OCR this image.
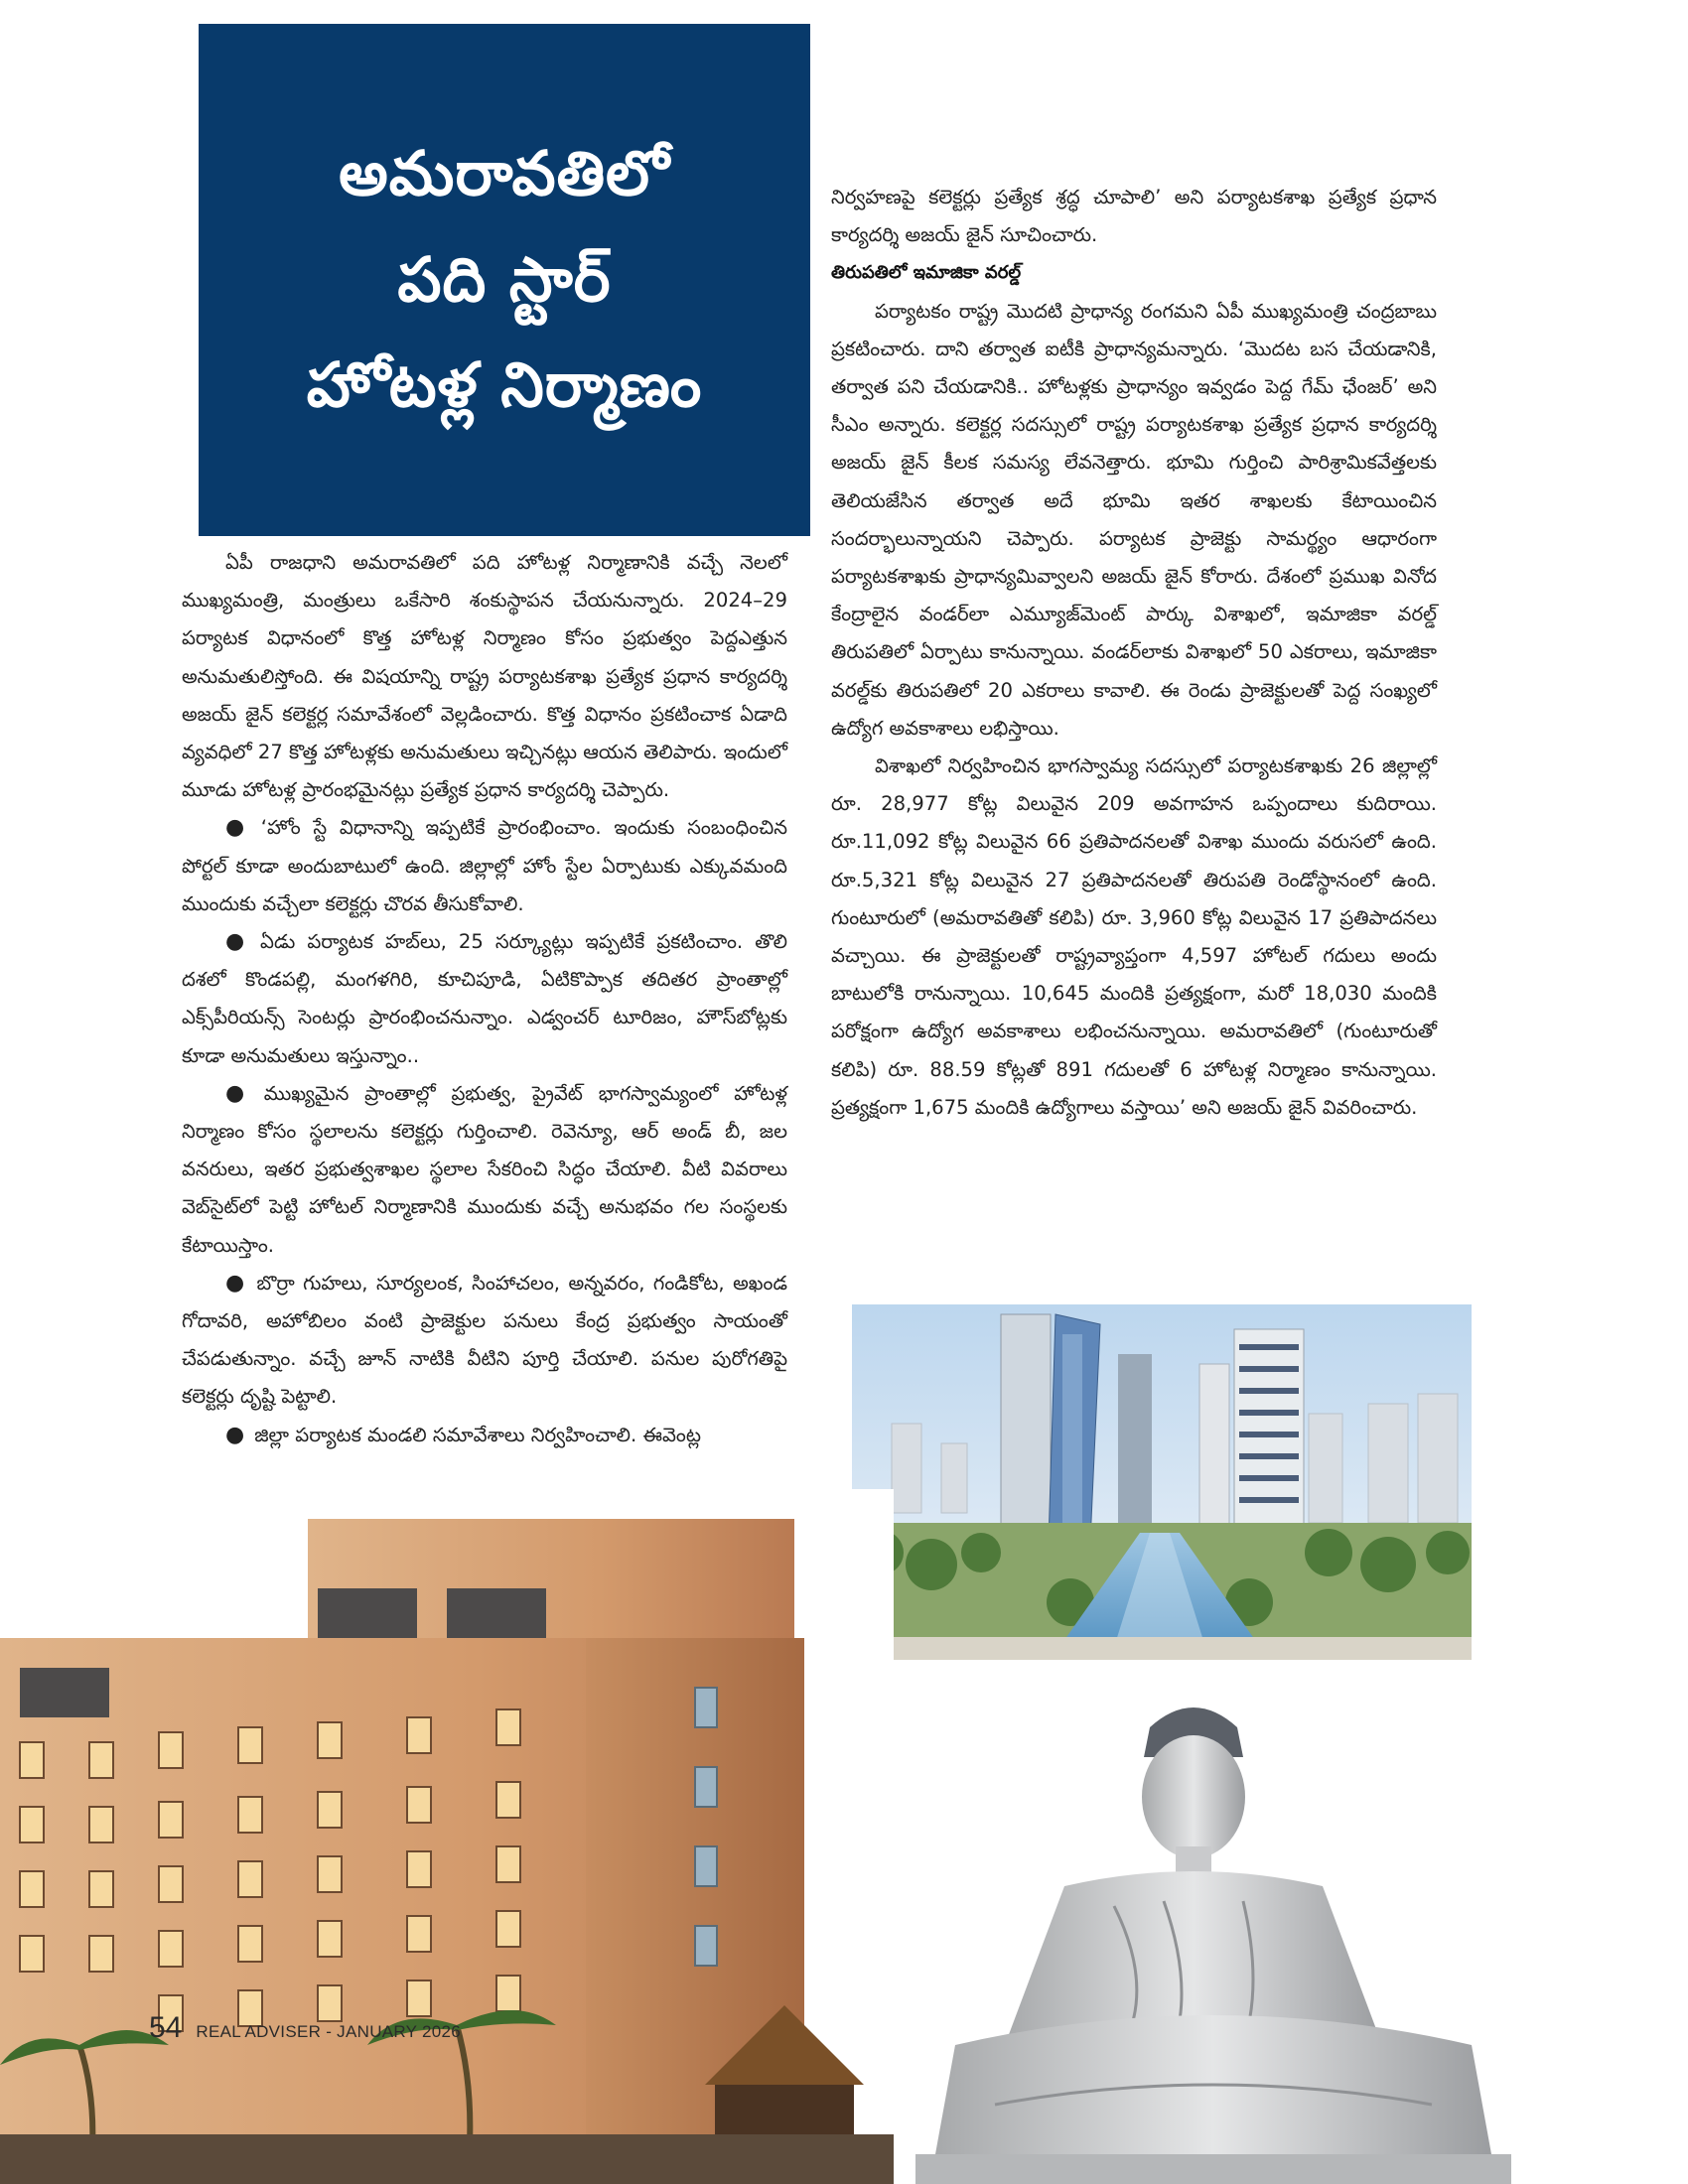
అమరావతిలో
పది స్టార్
హోటళ్ల నిర్మాణం

ఏపీ రాజధాని అమరావతిలో పది హోటళ్ల నిర్మాణానికి వచ్చే నెలలో ముఖ్యమంత్రి, మంత్రులు ఒకేసారి శంకుస్థాపన చేయనున్నారు. 2024–29 పర్యాటక విధానంలో కొత్త హోటళ్ల నిర్మాణం కోసం ప్రభుత్వం పెద్దఎత్తున అనుమతులిస్తోంది. ఈ విషయాన్ని రాష్ట్ర పర్యాటకశాఖ ప్రత్యేక ప్రధాన కార్యదర్శి అజయ్ జైన్ కలెక్టర్ల సమావేశంలో వెల్లడించారు. కొత్త విధానం ప్రకటించాక ఏడాది వ్యవధిలో 27 కొత్త హోటళ్లకు అనుమతులు ఇచ్చినట్లు ఆయన తెలిపారు. ఇందులో మూడు హోటళ్ల ప్రారంభమైనట్లు ప్రత్యేక ప్రధాన కార్యదర్శి చెప్పారు.

● ‘హోం స్టే విధానాన్ని ఇప్పటికే ప్రారంభించాం. ఇందుకు సంబంధించిన పోర్టల్ కూడా అందుబాటులో ఉంది. జిల్లాల్లో హోం స్టేల ఏర్పాటుకు ఎక్కువమంది ముందుకు వచ్చేలా కలెక్టర్లు చొరవ తీసుకోవాలి.

● ఏడు పర్యాటక హబ్‌లు, 25 సర్క్యూట్లు ఇప్పటికే ప్రకటించాం. తొలి దశలో కొండపల్లి, మంగళగిరి, కూచిపూడి, ఏటికొప్పాక తదితర ప్రాంతాల్లో ఎక్స్‌పీరియన్స్ సెంటర్లు ప్రారంభించనున్నాం. ఎడ్వంచర్ టూరిజం, హౌస్‌బోట్లకు కూడా అనుమతులు ఇస్తున్నాం..

● ముఖ్యమైన ప్రాంతాల్లో ప్రభుత్వ, ప్రైవేట్ భాగస్వామ్యంలో హోటళ్ల నిర్మాణం కోసం స్థలాలను కలెక్టర్లు గుర్తించాలి. రెవెన్యూ, ఆర్ అండ్ బీ, జల వనరులు, ఇతర ప్రభుత్వశాఖల స్థలాల సేకరించి సిద్ధం చేయాలి. వీటి వివరాలు వెబ్‌సైట్‌లో పెట్టి హోటల్ నిర్మాణానికి ముందుకు వచ్చే అనుభవం గల సంస్థలకు కేటాయిస్తాం.

● బొర్రా గుహలు, సూర్యలంక, సింహాచలం, అన్నవరం, గండికోట, అఖండ గోదావరి, అహోబిలం వంటి ప్రాజెక్టుల పనులు కేంద్ర ప్రభుత్వం సాయంతో చేపడుతున్నాం. వచ్చే జూన్ నాటికి వీటిని పూర్తి చేయాలి. పనుల పురోగతిపై కలెక్టర్లు దృష్టి పెట్టాలి.

● జిల్లా పర్యాటక మండలి సమావేశాలు నిర్వహించాలి. ఈవెంట్ల

నిర్వహణపై కలెక్టర్లు ప్రత్యేక శ్రద్ధ చూపాలి’ అని పర్యాటకశాఖ ప్రత్యేక ప్రధాన కార్యదర్శి అజయ్ జైన్ సూచించారు.

తిరుపతిలో ఇమాజికా వరల్డ్

పర్యాటకం రాష్ట్ర మొదటి ప్రాధాన్య రంగమని ఏపీ ముఖ్యమంత్రి చంద్రబాబు ప్రకటించారు. దాని తర్వాత ఐటీకి ప్రాధాన్యమన్నారు. ‘మొదట బస చేయడానికి, తర్వాత పని చేయడానికి.. హోటళ్లకు ప్రాధాన్యం ఇవ్వడం పెద్ద గేమ్ ఛేంజర్’ అని సీఎం అన్నారు. కలెక్టర్ల సదస్సులో రాష్ట్ర పర్యాటకశాఖ ప్రత్యేక ప్రధాన కార్యదర్శి అజయ్ జైన్ కీలక సమస్య లేవనెత్తారు. భూమి గుర్తించి పారిశ్రామికవేత్తలకు తెలియజేసిన తర్వాత అదే భూమి ఇతర శాఖలకు కేటాయించిన సందర్భాలున్నాయని చెప్పారు. పర్యాటక ప్రాజెక్టు సామర్థ్యం ఆధారంగా పర్యాటకశాఖకు ప్రాధాన్యమివ్వాలని అజయ్ జైన్ కోరారు. దేశంలో ప్రముఖ వినోద కేంద్రాలైన వండర్‌లా ఎమ్యూజ్‌మెంట్ పార్కు విశాఖలో, ఇమాజికా వరల్డ్ తిరుపతిలో ఏర్పాటు కానున్నాయి. వండర్‌లాకు విశాఖలో 50 ఎకరాలు, ఇమాజికా వరల్డ్‌కు తిరుపతిలో 20 ఎకరాలు కావాలి. ఈ రెండు ప్రాజెక్టులతో పెద్ద సంఖ్యలో ఉద్యోగ అవకాశాలు లభిస్తాయి.

విశాఖలో నిర్వహించిన భాగస్వామ్య సదస్సులో పర్యాటకశాఖకు 26 జిల్లాల్లో రూ. 28,977 కోట్ల విలువైన 209 అవగాహన ఒప్పందాలు కుదిరాయి. రూ.11,092 కోట్ల విలువైన 66 ప్రతిపాదనలతో విశాఖ ముందు వరుసలో ఉంది. రూ.5,321 కోట్ల విలువైన 27 ప్రతిపాదనలతో తిరుపతి రెండోస్థానంలో ఉంది. గుంటూరులో (అమరావతితో కలిపి) రూ. 3,960 కోట్ల విలువైన 17 ప్రతిపాదనలు వచ్చాయి. ఈ ప్రాజెక్టులతో రాష్ట్రవ్యాప్తంగా 4,597 హోటల్ గదులు అందు బాటులోకి రానున్నాయి. 10,645 మందికి ప్రత్యక్షంగా, మరో 18,030 మందికి పరోక్షంగా ఉద్యోగ అవకాశాలు లభించనున్నాయి. అమరావతిలో (గుంటూరుతో కలిపి) రూ. 88.59 కోట్లతో 891 గదులతో 6 హోటళ్ల నిర్మాణం కానున్నాయి. ప్రత్యక్షంగా 1,675 మందికి ఉద్యోగాలు వస్తాయి’ అని అజయ్ జైన్ వివరించారు.

54 REAL ADVISER - JANUARY 2026
